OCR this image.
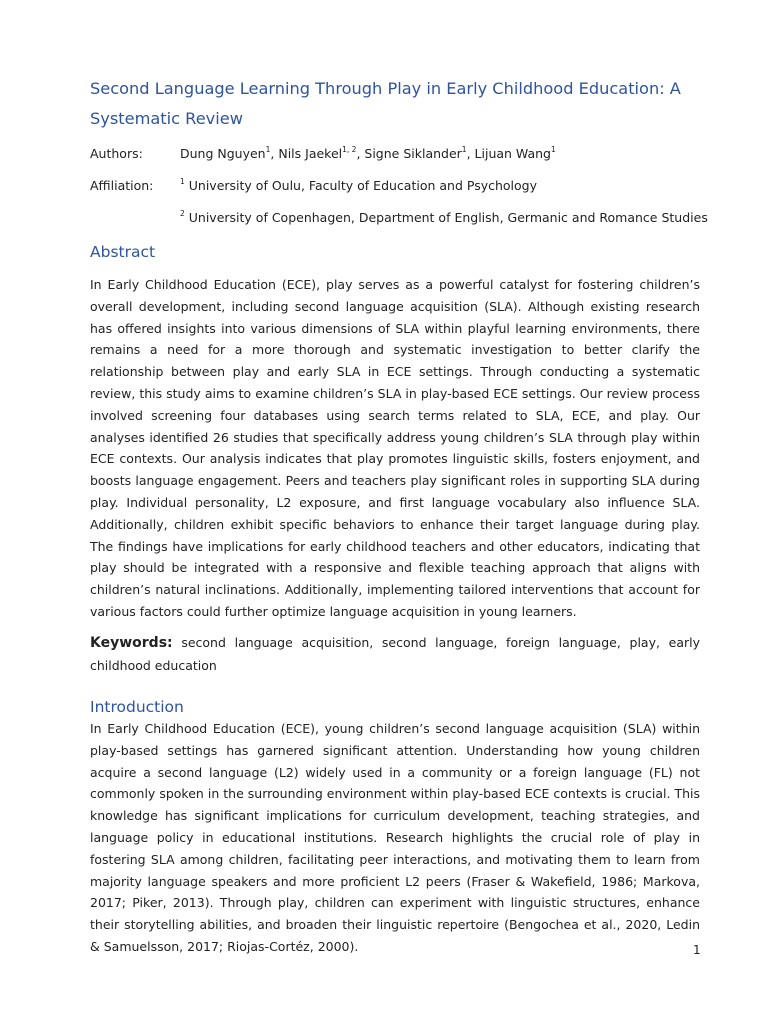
Second Language Learning Through Play in Early Childhood Education: A Systematic Review
Authors:	Dung Nguyen$^1$, Nils Jaekel$^{1, 2}$, Signe Siklander$^1$, Lijuan Wang$^1$
Affiliation:	$^1$ University of Oulu, Faculty of Education and Psychology
$^2$ University of Copenhagen, Department of English, Germanic and Romance Studies
Abstract

In Early Childhood Education (ECE), play serves as a powerful catalyst for fostering children’s overall development, including second language acquisition (SLA). Although existing research has offered insights into various dimensions of SLA within playful learning environments, there remains a need for a more thorough and systematic investigation to better clarify the relationship between play and early SLA in ECE settings. Through conducting a systematic review, this study aims to examine children’s SLA in play-based ECE settings. Our review process involved screening four databases using search terms related to SLA, ECE, and play. Our analyses identified 26 studies that specifically address young children’s SLA through play within ECE contexts. Our analysis indicates that play promotes linguistic skills, fosters enjoyment, and boosts language engagement. Peers and teachers play significant roles in supporting SLA during play. Individual personality, L2 exposure, and first language vocabulary also influence SLA. Additionally, children exhibit specific behaviors to enhance their target language during play. The findings have implications for early childhood teachers and other educators, indicating that play should be integrated with a responsive and flexible teaching approach that aligns with children’s natural inclinations. Additionally, implementing tailored interventions that account for various factors could further optimize language acquisition in young learners.

Keywords: second language acquisition, second language, foreign language, play, early childhood education

Introduction

In Early Childhood Education (ECE), young children’s second language acquisition (SLA) within play-based settings has garnered significant attention. Understanding how young children acquire a second language (L2) widely used in a community or a foreign language (FL) not commonly spoken in the surrounding environment within play-based ECE contexts is crucial. This knowledge has significant implications for curriculum development, teaching strategies, and language policy in educational institutions. Research highlights the crucial role of play in fostering SLA among children, facilitating peer interactions, and motivating them to learn from majority language speakers and more proficient L2 peers (Fraser & Wakefield, 1986; Markova, 2017; Piker, 2013). Through play, children can experiment with linguistic structures, enhance their storytelling abilities, and broaden their linguistic repertoire (Bengochea et al., 2020, Ledin & Samuelsson, 2017; Riojas-Cortéz, 2000).	1
